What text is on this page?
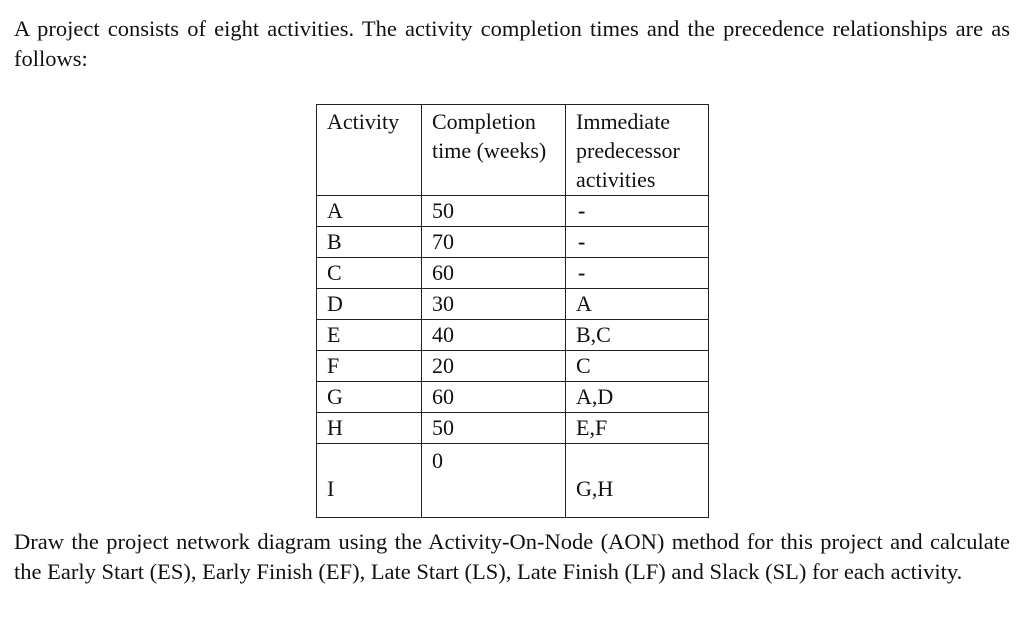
A project consists of eight activities. The activity completion times and the precedence relationships are as follows:

Activity	Completion time (weeks)	Immediate predecessor activities
A	50	-
B	70	-
C	60	-
D	30	A
E	40	B,C
F	20	C
G	60	A,D
H	50	E,F
I	0	G,H

Draw the project network diagram using the Activity-On-Node (AON) method for this project and calculate the Early Start (ES), Early Finish (EF), Late Start (LS), Late Finish (LF) and Slack (SL) for each activity.
